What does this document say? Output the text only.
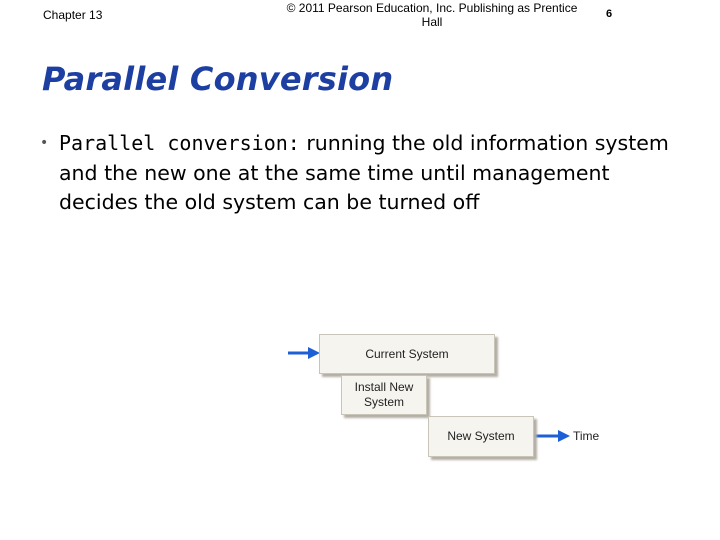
Chapter 13	© 2011 Pearson Education, Inc. Publishing as Prentice
Hall
6
Parallel Conversion
• Parallel conversion: running the old information system and the new one at the same time until management decides the old system can be turned off
Current System
Install New
System
New System	Time
